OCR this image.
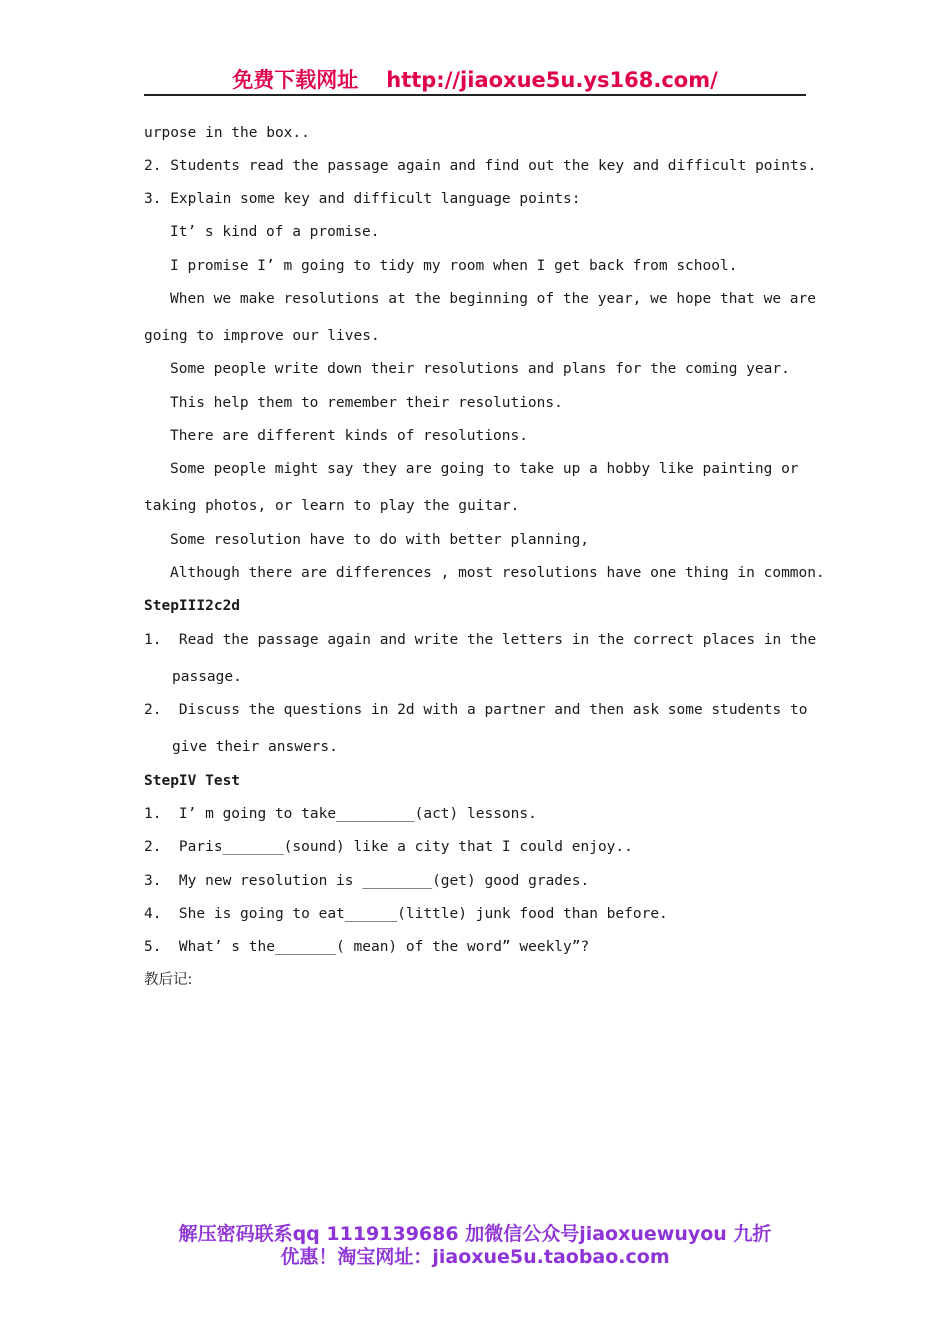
免费下载网址 http://jiaoxue5u.ys168.com/
urpose in the box..
2. Students read the passage again and find out the key and difficult points.
3. Explain some key and difficult language points:
It’ s kind of a promise.
I promise I’ m going to tidy my room when I get back from school.
When we make resolutions at the beginning of the year, we hope that we are
going to improve our lives.
Some people write down their resolutions and plans for the coming year.
This help them to remember their resolutions.
There are different kinds of resolutions.
Some people might say they are going to take up a hobby like painting or
taking photos, or learn to play the guitar.
Some resolution have to do with better planning,
Although there are differences , most resolutions have one thing in common.
StepIII2c2d
1.  Read the passage again and write the letters in the correct places in the
passage.
2.  Discuss the questions in 2d with a partner and then ask some students to
give their answers.
StepIV Test
1.  I’ m going to take_________(act) lessons.
2.  Paris_______(sound) like a city that I could enjoy..
3.  My new resolution is ________(get) good grades.
4.  She is going to eat______(little) junk food than before.
5.  What’ s the_______( mean) of the word” weekly”?
教后记:
解压密码联系qq 1119139686 加微信公众号jiaoxuewuyou 九折
优惠！淘宝网址：jiaoxue5u.taobao.com
